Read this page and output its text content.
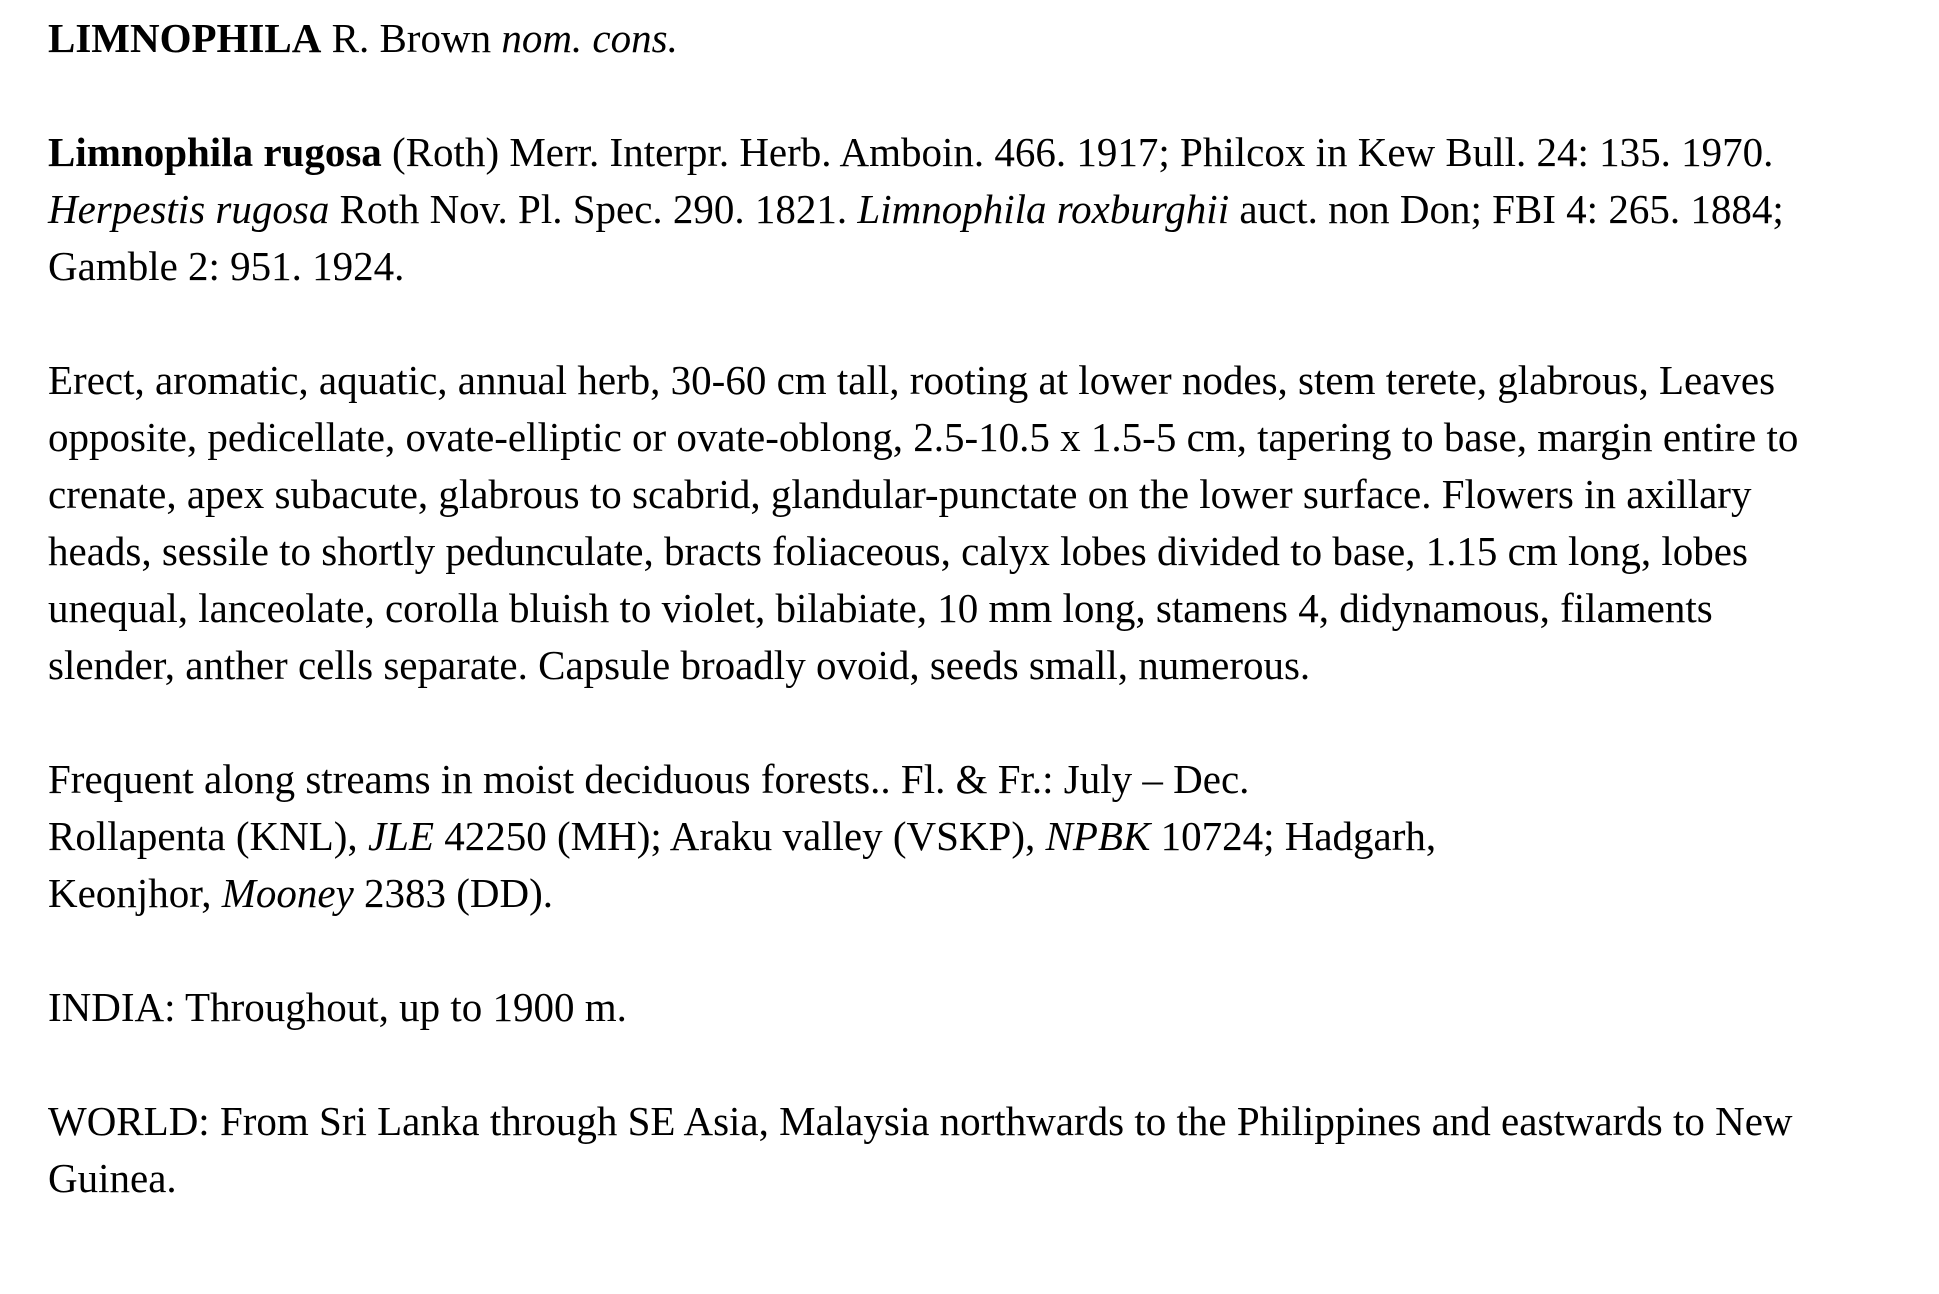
LIMNOPHILA R. Brown nom. cons.

Limnophila rugosa (Roth) Merr. Interpr. Herb. Amboin. 466. 1917; Philcox in Kew Bull. 24: 135. 1970. Herpestis rugosa Roth Nov. Pl. Spec. 290. 1821. Limnophila roxburghii auct. non Don; FBI 4: 265. 1884; Gamble 2: 951. 1924.

Erect, aromatic, aquatic, annual herb, 30-60 cm tall, rooting at lower nodes, stem terete, glabrous, Leaves opposite, pedicellate, ovate-elliptic or ovate-oblong, 2.5-10.5 x 1.5-5 cm, tapering to base, margin entire to crenate, apex subacute, glabrous to scabrid, glandular-punctate on the lower surface. Flowers in axillary heads, sessile to shortly pedunculate, bracts foliaceous, calyx lobes divided to base, 1.15 cm long, lobes unequal, lanceolate, corolla bluish to violet, bilabiate, 10 mm long, stamens 4, didynamous, filaments slender, anther cells separate. Capsule broadly ovoid, seeds small, numerous.

Frequent along streams in moist deciduous forests.. Fl. & Fr.: July – Dec.
Rollapenta (KNL), JLE 42250 (MH); Araku valley (VSKP), NPBK 10724; Hadgarh,
Keonjhor, Mooney 2383 (DD).

INDIA: Throughout, up to 1900 m.

WORLD: From Sri Lanka through SE Asia, Malaysia northwards to the Philippines and eastwards to New Guinea.
